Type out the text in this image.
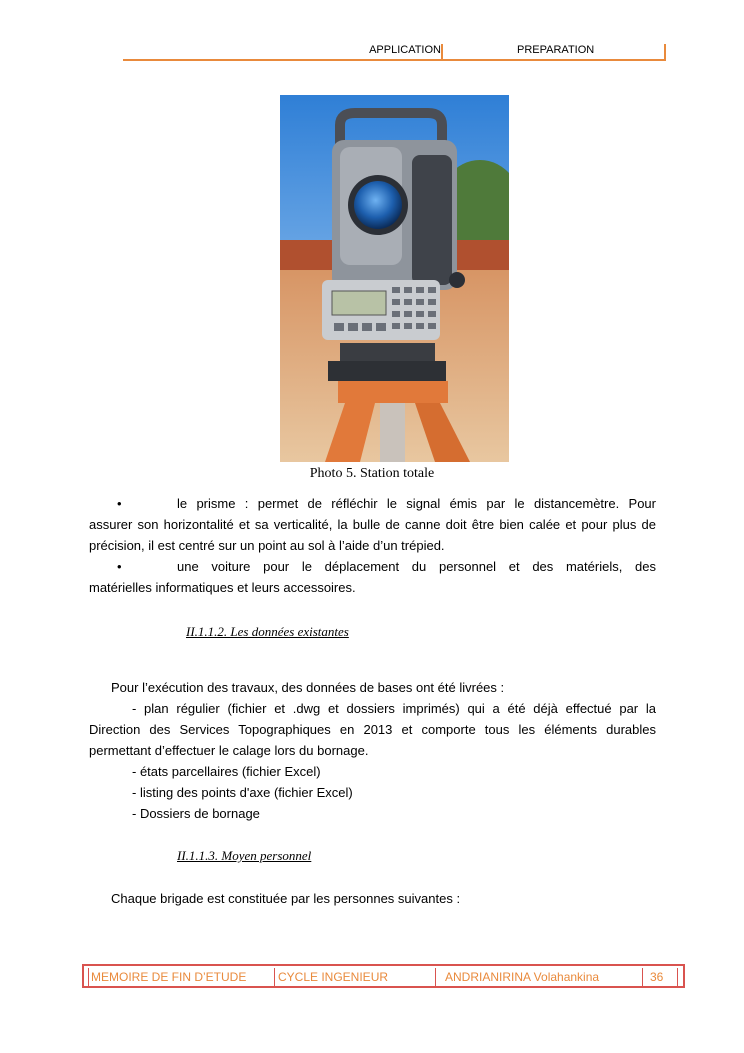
APPLICATION	PREPARATION
Photo 5. Station totale
•	le prisme : permet de réfléchir le signal émis par le distancemètre. Pour
assurer son horizontalité et sa verticalité, la bulle de canne doit être bien calée et pour plus de précision, il est centré sur un point au sol à l’aide d’un trépied.
•	une voiture pour le déplacement du personnel et des matériels, des
matérielles informatiques et leurs accessoires.
II.1.1.2. Les données existantes
Pour l’exécution des travaux, des données de bases ont été livrées :
- plan régulier (fichier et .dwg et dossiers imprimés) qui a été déjà effectué par la
Direction des Services Topographiques en 2013 et comporte tous les éléments durables permettant d’effectuer le calage lors du bornage.
- états parcellaires (fichier Excel)
- listing des points d'axe (fichier Excel)
- Dossiers de bornage
II.1.1.3. Moyen personnel
Chaque brigade est constituée par les personnes suivantes :
MEMOIRE DE FIN D’ETUDE	CYCLE INGENIEUR	ANDRIANIRINA Volahankina	36
